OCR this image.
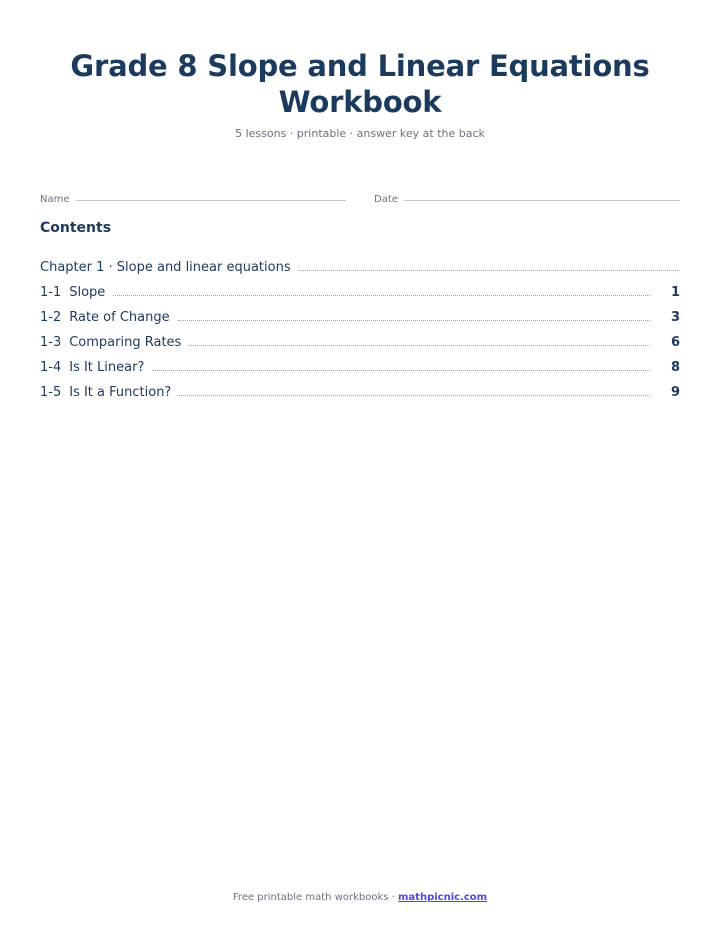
Grade 8 Slope and Linear Equations Workbook
5 lessons · printable · answer key at the back
Name	Date
Contents
Chapter 1 · Slope and linear equations
1-1 Slope	1
1-2 Rate of Change	3
1-3 Comparing Rates	6
1-4 Is It Linear?	8
1-5 Is It a Function?	9
Free printable math workbooks · mathpicnic.com
